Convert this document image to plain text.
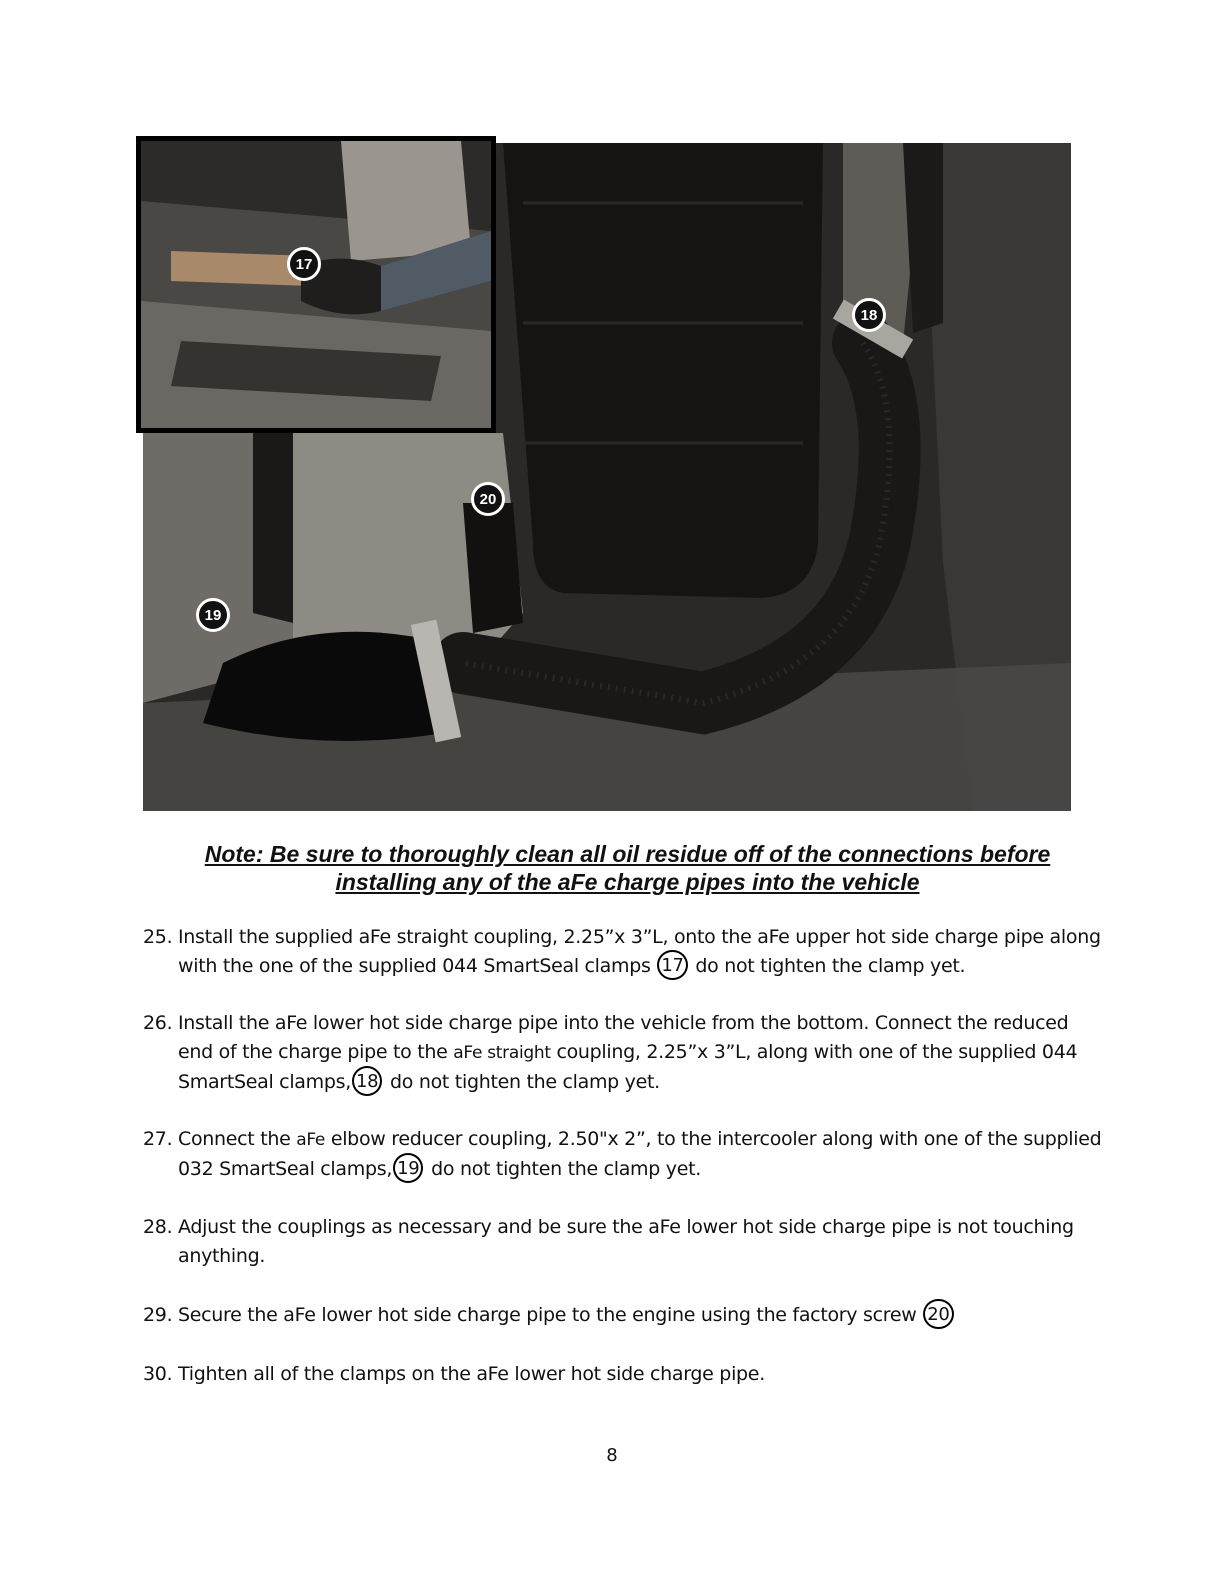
17
18
19
20
Note: Be sure to thoroughly clean all oil residue off of the connections before
installing any of the aFe charge pipes into the vehicle
25. Install the supplied aFe straight coupling, 2.25”x 3”L, onto the aFe upper hot side charge pipe along with the one of the supplied 044 SmartSeal clamps 17 do not tighten the clamp yet.
26. Install the aFe lower hot side charge pipe into the vehicle from the bottom. Connect the reduced end of the charge pipe to the aFe straight coupling, 2.25”x 3”L, along with one of the supplied 044 SmartSeal clamps, 18 do not tighten the clamp yet.
27. Connect the aFe elbow reducer coupling, 2.50"x 2”, to the intercooler along with one of the supplied 032 SmartSeal clamps, 19 do not tighten the clamp yet.
28. Adjust the couplings as necessary and be sure the aFe lower hot side charge pipe is not touching anything.
29. Secure the aFe lower hot side charge pipe to the engine using the factory screw 20
30. Tighten all of the clamps on the aFe lower hot side charge pipe.
8
